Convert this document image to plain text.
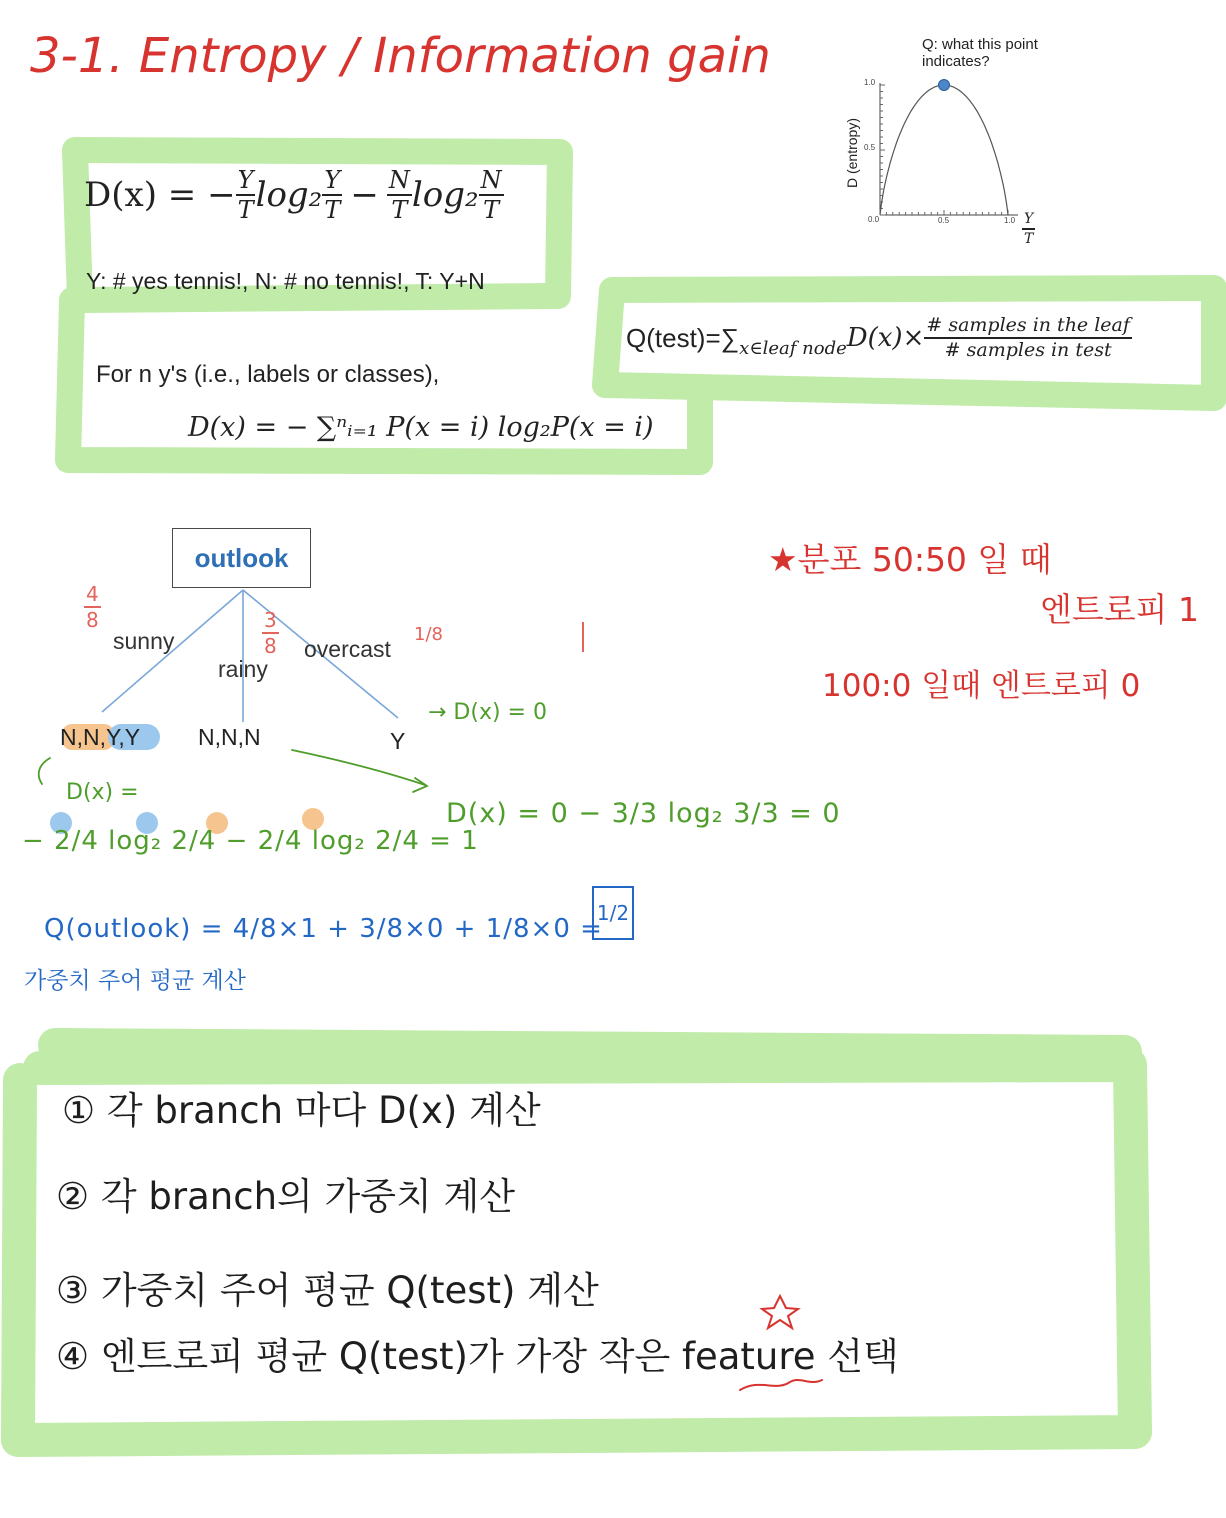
3-1. Entropy / Information gain
D(x) = − $\frac{Y}{T} \log_2 \frac{Y}{T} - \frac{N}{T} \log_2 \frac{N}{T}$
Y: # yes tennis!, N: # no tennis!, T: Y+N
For n y's (i.e., labels or classes),
D(x) = − ∑ⁿᵢ₌₁ P(x = i) log₂P(x = i)
Q(test)=∑ x∈leaf node $D(x)\times \frac{\text{\# samples in the leaf}}{\text{\# samples in test}}$
Q: what this point indicates?
D (entropy)
1.0
0.5
0.0	0.5	$1.0 \frac{Y}{T}$
outlook
sunny
rainy
overcast
N,N,Y,Y	N,N,N	Y
$\frac{4}{8}$
$\frac{3}{8}$	1/8
→ D(x) = 0
D(x) =
− 2/4 log₂ 2/4 − 2/4 log₂ 2/4 = 1
D(x) = 0 − 3/3 log₂ 3/3 = 0
Q(outlook) = 4/8×1 + 3/8×0 + 1/8×0 =
1/2
가중치 주어 평균 계산
★분포 50:50 일 때
엔트로피 1
100:0 일때 엔트로피 0
① 각 branch 마다 D(x) 계산
② 각 branch의 가중치 계산
③ 가중치 주어 평균 Q(test) 계산
④ 엔트로피 평균 Q(test)가 가장 작은 feature 선택
